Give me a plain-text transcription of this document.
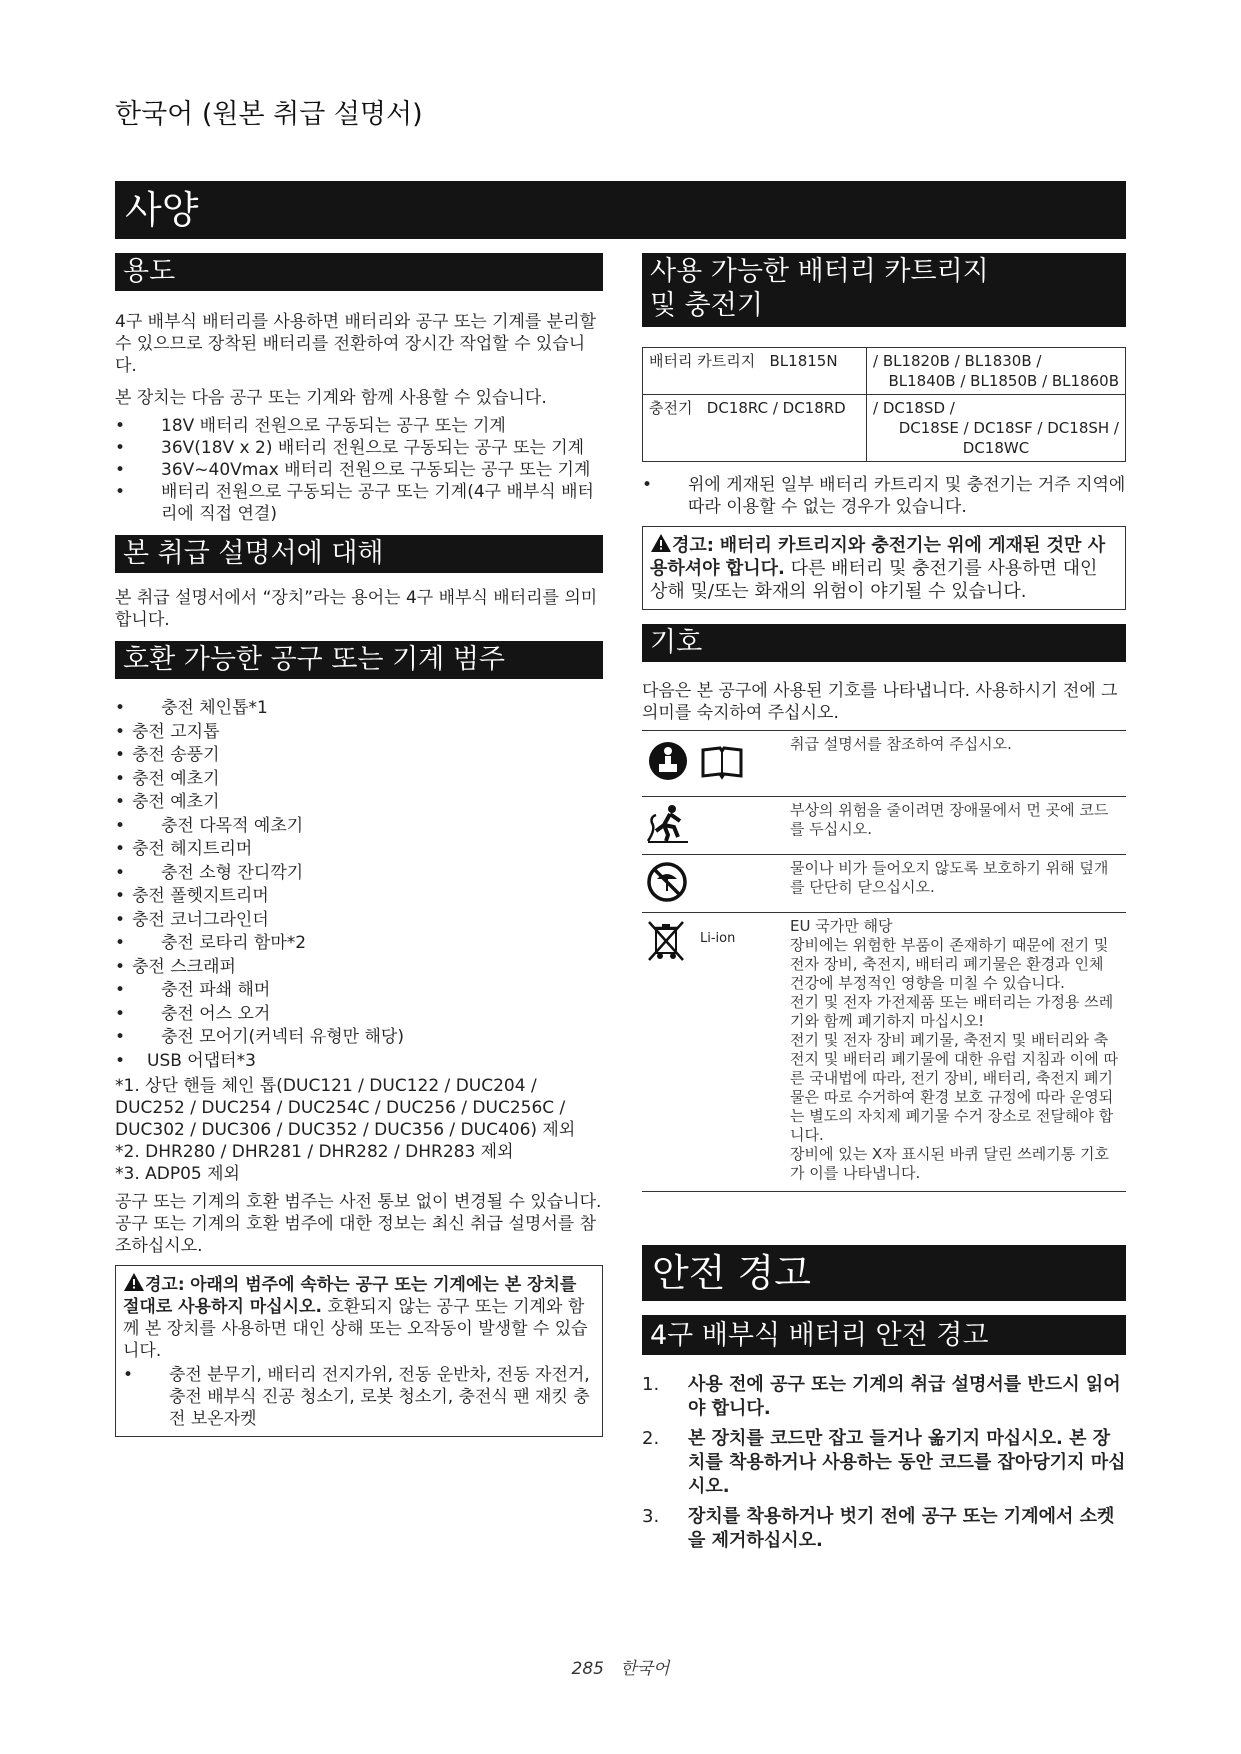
한국어 (원본 취급 설명서)
사양
용도

4구 배부식 배터리를 사용하면 배터리와 공구 또는 기계를 분리할 수 있으므로 장착된 배터리를 전환하여 장시간 작업할 수 있습니다.

본 장치는 다음 공구 또는 기계와 함께 사용할 수 있습니다.

• 18V 배터리 전원으로 구동되는 공구 또는 기계
• 36V(18V x 2) 배터리 전원으로 구동되는 공구 또는 기계
• 36V~40Vmax 배터리 전원으로 구동되는 공구 또는 기계
• 배터리 전원으로 구동되는 공구 또는 기계(4구 배부식 배터리에 직접 연결)
본 취급 설명서에 대해

본 취급 설명서에서 “장치”라는 용어는 4구 배부식 배터리를 의미합니다.

호환 가능한 공구 또는 기계 범주
• 충전 체인톱*1
• 충전 고지톱
• 충전 송풍기
• 충전 예초기
• 충전 예초기
• 충전 다목적 예초기
• 충전 헤지트리머
• 충전 소형 잔디깍기
• 충전 폴헷지트리머
• 충전 코너그라인더
• 충전 로타리 함마*2
• 충전 스크래퍼
• 충전 파쇄 해머
• 충전 어스 오거
• 충전 모어기(커넥터 유형만 해당)
• USB 어댑터*3

*1. 상단 핸들 체인 톱(DUC121 / DUC122 / DUC204 / DUC252 / DUC254 / DUC254C / DUC256 / DUC256C / DUC302 / DUC306 / DUC352 / DUC356 / DUC406) 제외

*2. DHR280 / DHR281 / DHR282 / DHR283 제외

*3. ADP05 제외

공구 또는 기계의 호환 범주는 사전 통보 없이 변경될 수 있습니다. 공구 또는 기계의 호환 범주에 대한 정보는 최신 취급 설명서를 참조하십시오.

경고: 아래의 범주에 속하는 공구 또는 기계에는 본 장치를 절대로 사용하지 마십시오. 호환되지 않는 공구 또는 기계와 함께 본 장치를 사용하면 대인 상해 또는 오작동이 발생할 수 있습니다.

• 충전 분무기, 배터리 전지가위, 전동 운반차, 전동 자전거, 충전 배부식 진공 청소기, 로봇 청소기, 충전식 팬 재킷 충전 보온자켓
사용 가능한 배터리 카트리지
및 충전기
배터리 카트리지 BL1815N	/ BL1820B / BL1830B /
BL1840B / BL1850B / BL1860B

충전기 DC18RC / DC18RD	/ DC18SD /
DC18SE / DC18SF / DC18SH /
DC18WC
• 위에 게재된 일부 배터리 카트리지 및 충전기는 거주 지역에 따라 이용할 수 없는 경우가 있습니다.

경고: 배터리 카트리지와 충전기는 위에 게재된 것만 사용하셔야 합니다. 다른 배터리 및 충전기를 사용하면 대인 상해 및/또는 화재의 위험이 야기될 수 있습니다.

기호

다음은 본 공구에 사용된 기호를 나타냅니다. 사용하시기 전에 그 의미를 숙지하여 주십시오.

취급 설명서를 참조하여 주십시오.
부상의 위험을 줄이려면 장애물에서 먼 곳에 코드를 두십시오.
물이나 비가 들어오지 않도록 보호하기 위해 덮개를 단단히 닫으십시오.
Li-ion
EU 국가만 해당
장비에는 위험한 부품이 존재하기 때문에 전기 및 전자 장비, 축전지, 배터리 폐기물은 환경과 인체 건강에 부정적인 영향을 미칠 수 있습니다.
전기 및 전자 가전제품 또는 배터리는 가정용 쓰레기와 함께 폐기하지 마십시오!
전기 및 전자 장비 폐기물, 축전지 및 배터리와 축전지 및 배터리 폐기물에 대한 유럽 지침과 이에 따른 국내법에 따라, 전기 장비, 배터리, 축전지 폐기물은 따로 수거하여 환경 보호 규정에 따라 운영되는 별도의 자치제 폐기물 수거 장소로 전달해야 합니다.
장비에 있는 X자 표시된 바퀴 달린 쓰레기통 기호가 이를 나타냅니다.
안전 경고
4구 배부식 배터리 안전 경고
1. 사용 전에 공구 또는 기계의 취급 설명서를 반드시 읽어야 합니다.
2. 본 장치를 코드만 잡고 들거나 옮기지 마십시오. 본 장치를 착용하거나 사용하는 동안 코드를 잡아당기지 마십시오.
3. 장치를 착용하거나 벗기 전에 공구 또는 기계에서 소켓을 제거하십시오.
285 한국어
